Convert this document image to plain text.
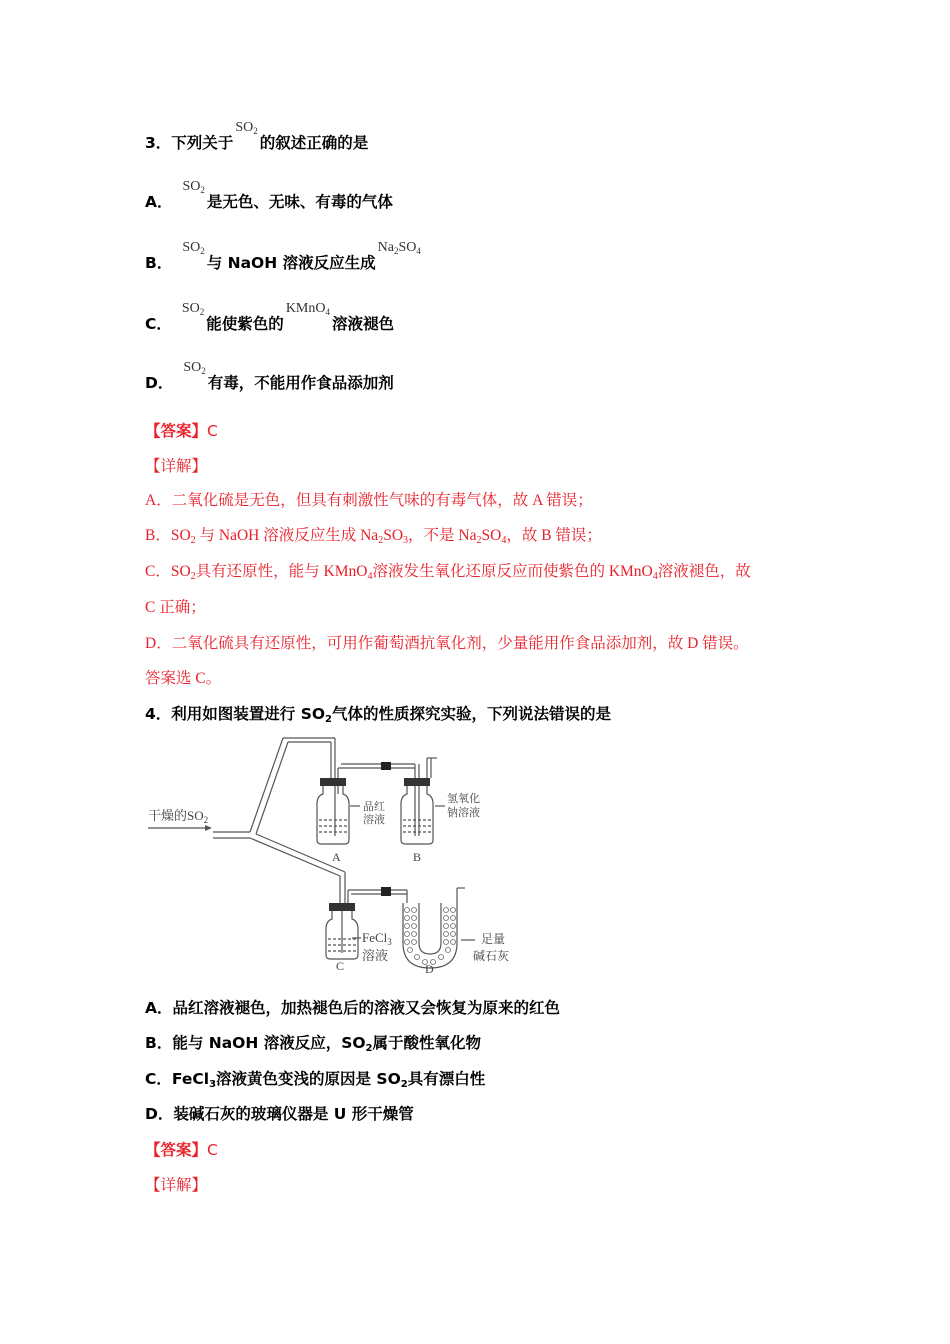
3．下列关于$SO_2$的叙述正确的是
A．$SO_2$是无色、无味、有毒的气体
B．$SO_2$与 NaOH 溶液反应生成$Na_2SO_4$
C．$SO_2$能使紫色的KMnO$_4$溶液褪色
D．$SO_2$有毒，不能用作食品添加剂
【答案】C
【详解】
A．二氧化硫是无色，但具有刺激性气味的有毒气体，故 A 错误；
B．$SO_2$ 与 NaOH 溶液反应生成 $Na_2SO_3$，不是 $Na_2SO_4$，故 B 错误；
C．$SO_2$具有还原性，能与 KMnO$_4$溶液发生氧化还原反应而使紫色的 KMnO$_4$溶液褪色，故
C 正确；
D．二氧化硫具有还原性，可用作葡萄酒抗氧化剂，少量能用作食品添加剂，故 D 错误。
答案选 C。
4．利用如图装置进行 $SO_2$气体的性质探究实验，下列说法错误的是
干燥的$SO_2$
品红
溶液
A
氢氧化
钠溶液
B
FeCl$_3$
溶液
C
足量
碱石灰
D
A．品红溶液褪色，加热褪色后的溶液又会恢复为原来的红色
B．能与 NaOH 溶液反应，$SO_2$属于酸性氧化物
C．FeCl$_3$溶液黄色变浅的原因是 $SO_2$具有漂白性
D．装碱石灰的玻璃仪器是 U 形干燥管
【答案】C
【详解】
